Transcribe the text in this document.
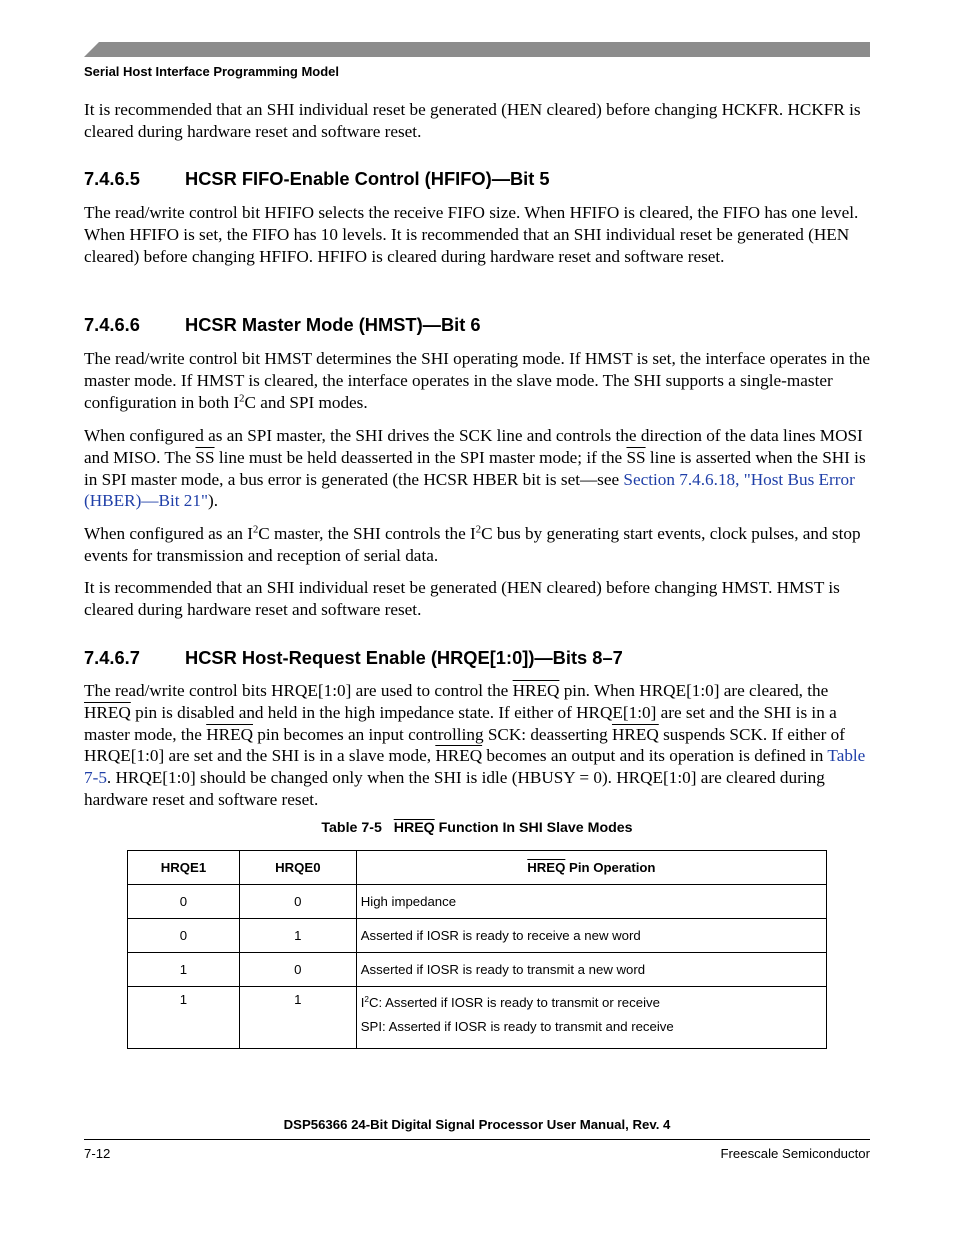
Serial Host Interface Programming Model

It is recommended that an SHI individual reset be generated (HEN cleared) before changing HCKFR. HCKFR is cleared during hardware reset and software reset.

7.4.6.5 HCSR FIFO-Enable Control (HFIFO)—Bit 5

The read/write control bit HFIFO selects the receive FIFO size. When HFIFO is cleared, the FIFO has one level. When HFIFO is set, the FIFO has 10 levels. It is recommended that an SHI individual reset be generated (HEN cleared) before changing HFIFO. HFIFO is cleared during hardware reset and software reset.

7.4.6.6 HCSR Master Mode (HMST)—Bit 6

The read/write control bit HMST determines the SHI operating mode. If HMST is set, the interface operates in the master mode. If HMST is cleared, the interface operates in the slave mode. The SHI supports a single-master configuration in both $I^2C$ and SPI modes.

When configured as an SPI master, the SHI drives the SCK line and controls the direction of the data lines MOSI and MISO. The $\overline{SS}$ line must be held deasserted in the SPI master mode; if the $\overline{SS}$ line is asserted when the SHI is in SPI master mode, a bus error is generated (the HCSR HBER bit is set—see Section 7.4.6.18, "Host Bus Error (HBER)—Bit 21").

When configured as an $I^2C$ master, the SHI controls the $I^2C$ bus by generating start events, clock pulses, and stop events for transmission and reception of serial data.

It is recommended that an SHI individual reset be generated (HEN cleared) before changing HMST. HMST is cleared during hardware reset and software reset.

7.4.6.7 HCSR Host-Request Enable (HRQE[1:0])—Bits 8–7

The read/write control bits HRQE[1:0] are used to control the HREQ pin. When HRQE[1:0] are cleared, the HREQ pin is disabled and held in the high impedance state. If either of HRQE[1:0] are set and the SHI is in a master mode, the HREQ pin becomes an input controlling SCK: deasserting HREQ suspends SCK. If either of HRQE[1:0] are set and the SHI is in a slave mode, HREQ becomes an output and its operation is defined in Table 7-5. HRQE[1:0] should be changed only when the SHI is idle (HBUSY = 0). HRQE[1:0] are cleared during hardware reset and software reset.

Table 7-5 HREQ Function In SHI Slave Modes
HRQE1	HRQE0	HREQ Pin Operation
0	0	High impedance
0	1	Asserted if IOSR is ready to receive a new word
1	0	Asserted if IOSR is ready to transmit a new word
1	1	$I^2C$: Asserted if IOSR is ready to transmit or receive
SPI: Asserted if IOSR is ready to transmit and receive
DSP56366 24-Bit Digital Signal Processor User Manual, Rev. 4
7-12	Freescale Semiconductor
